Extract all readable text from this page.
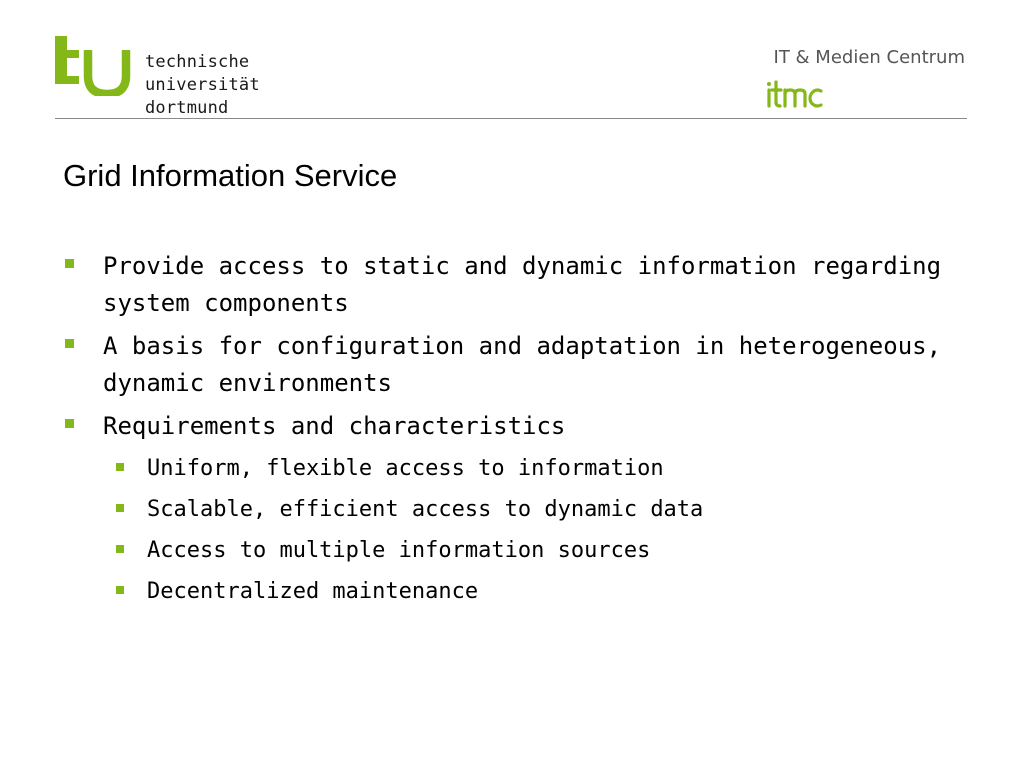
technische
universität
dortmund
IT & Medien Centrum
Grid Information Service
Provide access to static and dynamic information regarding system components
A basis for configuration and adaptation in heterogeneous, dynamic environments
Requirements and characteristics
Uniform, flexible access to information
Scalable, efficient access to dynamic data
Access to multiple information sources
Decentralized maintenance
